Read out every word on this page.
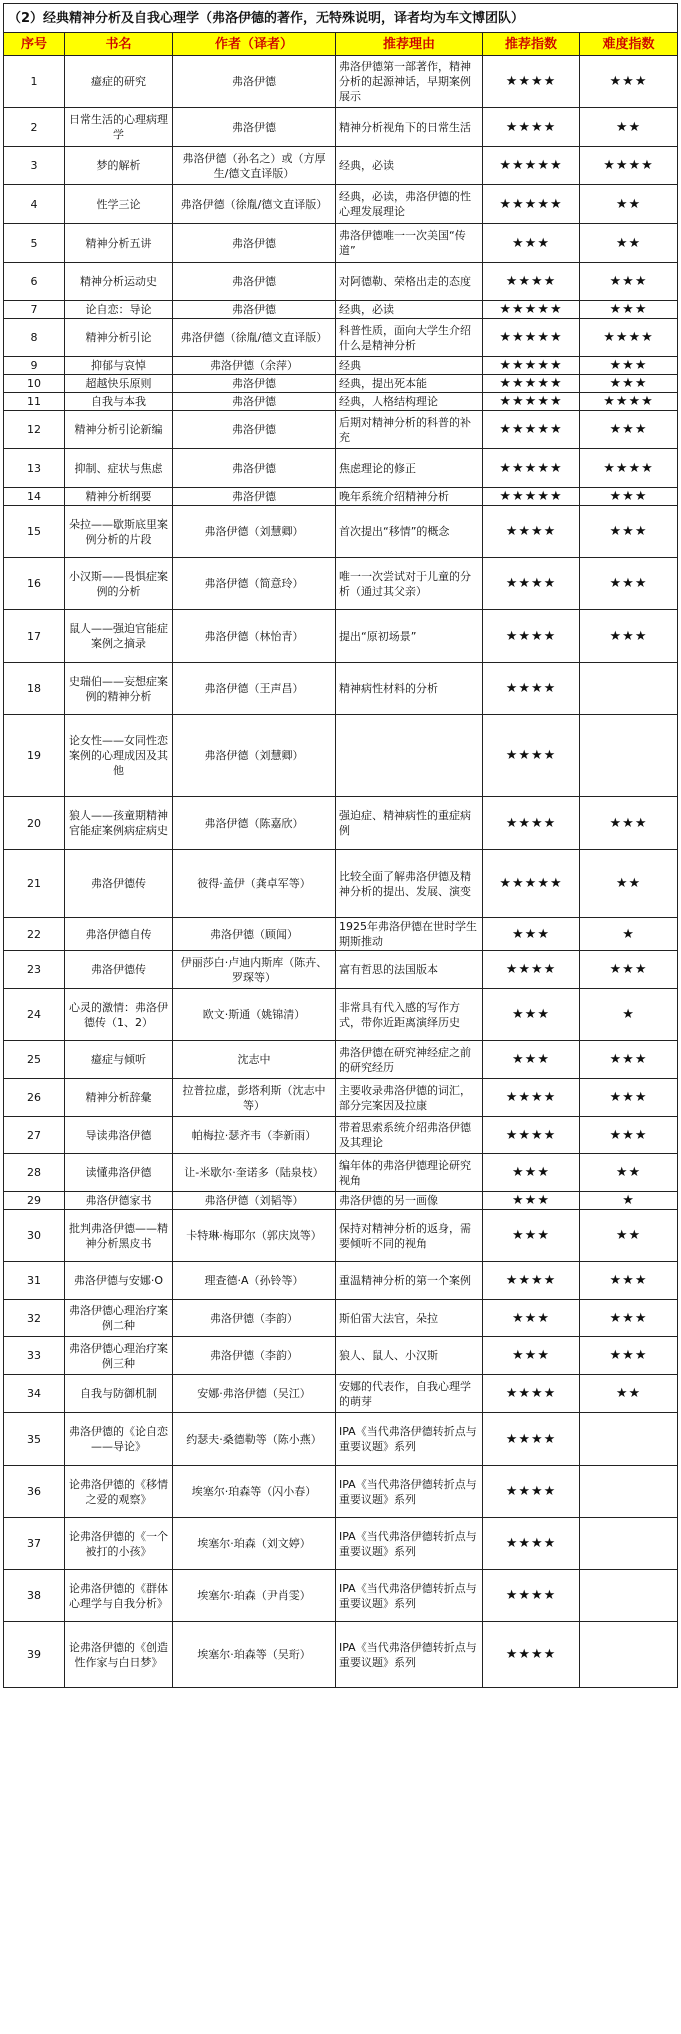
（2）经典精神分析及自我心理学（弗洛伊德的著作，无特殊说明，译者均为车文博团队）					
序号	书名	作者（译者）	推荐理由	推荐指数	难度指数
1	癔症的研究	弗洛伊德	弗洛伊德第一部著作，精神分析的起源神话，早期案例展示	★★★★	★★★
2	日常生活的心理病理学	弗洛伊德	精神分析视角下的日常生活	★★★★	★★
3	梦的解析	弗洛伊德（孙名之）或（方厚生/德文直译版）	经典，必读	★★★★★	★★★★
4	性学三论	弗洛伊德（徐胤/德文直译版）	经典，必读，弗洛伊德的性心理发展理论	★★★★★	★★
5	精神分析五讲	弗洛伊德	弗洛伊德唯一一次美国“传道”	★★★	★★
6	精神分析运动史	弗洛伊德	对阿德勒、荣格出走的态度	★★★★	★★★
7	论自恋：导论	弗洛伊德	经典，必读	★★★★★	★★★
8	精神分析引论	弗洛伊德（徐胤/德文直译版）	科普性质，面向大学生介绍什么是精神分析	★★★★★	★★★★
9	抑郁与哀悼	弗洛伊德（余萍）	经典	★★★★★	★★★
10	超越快乐原则	弗洛伊德	经典，提出死本能	★★★★★	★★★
11	自我与本我	弗洛伊德	经典，人格结构理论	★★★★★	★★★★
12	精神分析引论新编	弗洛伊德	后期对精神分析的科普的补充	★★★★★	★★★
13	抑制、症状与焦虑	弗洛伊德	焦虑理论的修正	★★★★★	★★★★
14	精神分析纲要	弗洛伊德	晚年系统介绍精神分析	★★★★★	★★★
15	朵拉——歇斯底里案例分析的片段	弗洛伊德（刘慧卿）	首次提出“移情”的概念	★★★★	★★★
16	小汉斯——畏惧症案例的分析	弗洛伊德（简意玲）	唯一一次尝试对于儿童的分析（通过其父亲）	★★★★	★★★
17	鼠人——强迫官能症案例之摘录	弗洛伊德（林怡青）	提出“原初场景”	★★★★	★★★
18	史瑞伯——妄想症案例的精神分析	弗洛伊德（王声昌）	精神病性材料的分析	★★★★	
19	论女性——女同性恋案例的心理成因及其他	弗洛伊德（刘慧卿）		★★★★	
20	狼人——孩童期精神官能症案例病症病史	弗洛伊德（陈嘉欣）	强迫症、精神病性的重症病例	★★★★	★★★
21	弗洛伊德传	彼得·盖伊（龚卓军等）	比较全面了解弗洛伊德及精神分析的提出、发展、演变	★★★★★	★★
22	弗洛伊德自传	弗洛伊德（顾闻）	1925年弗洛伊德在世时学生期斯推动	★★★	★
23	弗洛伊德传	伊丽莎白·卢迪内斯库（陈卉、罗琛等）	富有哲思的法国版本	★★★★	★★★
24	心灵的激情：弗洛伊德传（1、2）	欧文·斯通（姚锦清）	非常具有代入感的写作方式，带你近距离演绎历史	★★★	★
25	癔症与倾听	沈志中	弗洛伊德在研究神经症之前的研究经历	★★★	★★★
26	精神分析辞彙	拉普拉虚，彭塔利斯（沈志中等）	主要收录弗洛伊德的词汇，部分完案因及拉康	★★★★	★★★
27	导读弗洛伊德	帕梅拉·瑟齐韦（李新雨）	带着思索系统介绍弗洛伊德及其理论	★★★★	★★★
28	读懂弗洛伊德	让-米歇尔·奎诺多（陆泉枝）	编年体的弗洛伊德理论研究视角	★★★	★★
29	弗洛伊德家书	弗洛伊德（刘韬等）	弗洛伊德的另一画像	★★★	★
30	批判弗洛伊德——精神分析黑皮书	卡特琳·梅耶尔（郭庆岚等）	保持对精神分析的返身，需要倾听不同的视角	★★★	★★
31	弗洛伊德与安娜·O	理查德·A（孙铃等）	重温精神分析的第一个案例	★★★★	★★★
32	弗洛伊德心理治疗案例二种	弗洛伊德（李韵）	斯伯雷大法官，朵拉	★★★	★★★
33	弗洛伊德心理治疗案例三种	弗洛伊德（李韵）	狼人、鼠人、小汉斯	★★★	★★★
34	自我与防御机制	安娜·弗洛伊德（吴江）	安娜的代表作，自我心理学的萌芽	★★★★	★★
35	弗洛伊德的《论自恋——导论》	约瑟夫·桑德勒等（陈小燕）	IPA《当代弗洛伊德转折点与重要议题》系列	★★★★	
36	论弗洛伊德的《移情之爱的观察》	埃塞尔·珀森等（闪小春）	IPA《当代弗洛伊德转折点与重要议题》系列	★★★★	
37	论弗洛伊德的《一个被打的小孩》	埃塞尔·珀森（刘文婷）	IPA《当代弗洛伊德转折点与重要议题》系列	★★★★	
38	论弗洛伊德的《群体心理学与自我分析》	埃塞尔·珀森（尹肖雯）	IPA《当代弗洛伊德转折点与重要议题》系列	★★★★	
39	论弗洛伊德的《创造性作家与白日梦》	埃塞尔·珀森等（吴珩）	IPA《当代弗洛伊德转折点与重要议题》系列	★★★★	
